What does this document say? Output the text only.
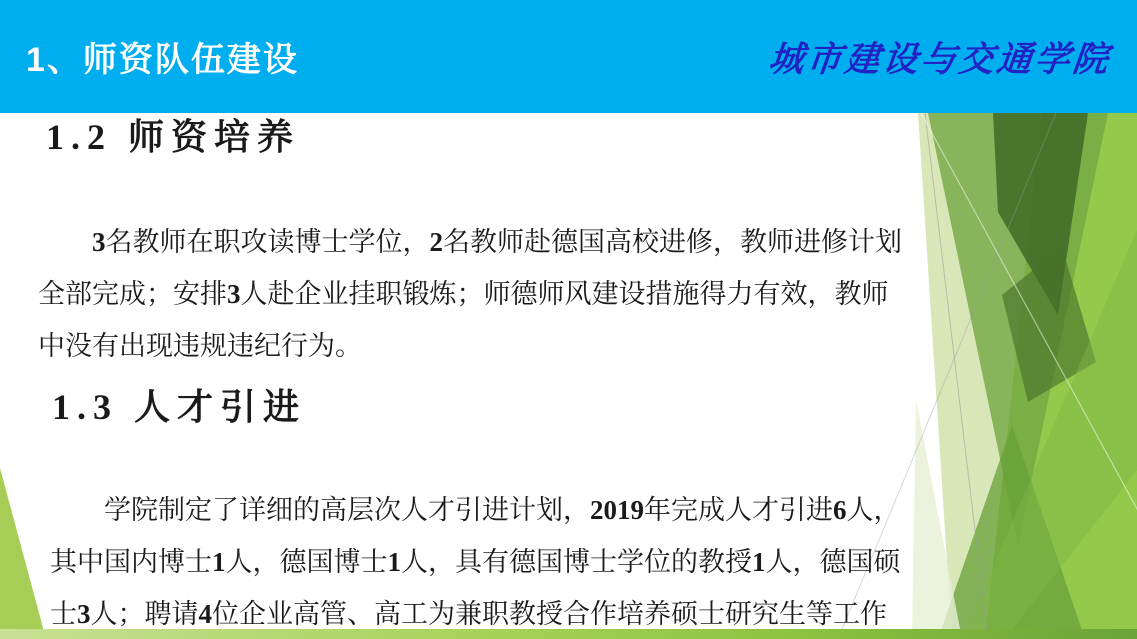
1、师资队伍建设	城市建设与交通学院
1.2 师资培养
3名教师在职攻读博士学位，2名教师赴德国高校进修，教师进修计划
全部完成；安排3人赴企业挂职锻炼；师德师风建设措施得力有效，教师
中没有出现违规违纪行为。
1.3 人才引进
学院制定了详细的高层次人才引进计划，2019年完成人才引进6人，
其中国内博士1人，德国博士1人，具有德国博士学位的教授1人，德国硕
士3人；聘请4位企业高管、高工为兼职教授合作培养硕士研究生等工作
